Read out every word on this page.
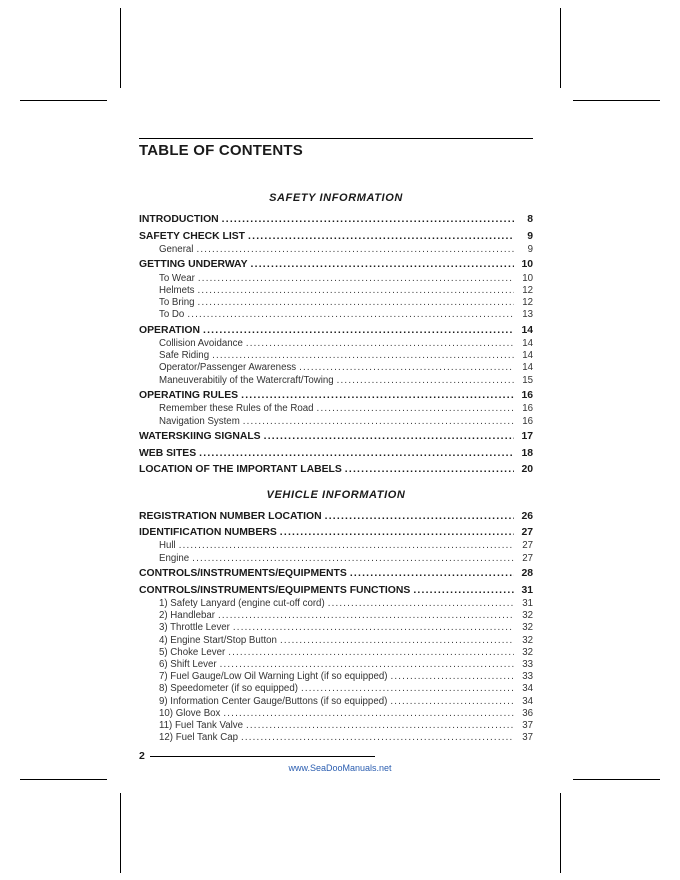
TABLE OF CONTENTS
SAFETY INFORMATION
INTRODUCTION .....	8
SAFETY CHECK LIST .....	9
General .....	9
GETTING UNDERWAY .....	10
To Wear .....	10
Helmets .....	12
To Bring .....	12
To Do .....	13
OPERATION .....	14
Collision Avoidance .....	14
Safe Riding .....	14
Operator/Passenger Awareness .....	14
Maneuverabitily of the Watercraft/Towing .....	15
OPERATING RULES .....	16
Remember these Rules of the Road .....	16
Navigation System .....	16
WATERSKIING SIGNALS .....	17
WEB SITES .....	18
LOCATION OF THE IMPORTANT LABELS .....	20
VEHICLE INFORMATION
REGISTRATION NUMBER LOCATION .....	26
IDENTIFICATION NUMBERS .....	27
Hull .....	27
Engine .....	27
CONTROLS/INSTRUMENTS/EQUIPMENTS .....	28
CONTROLS/INSTRUMENTS/EQUIPMENTS FUNCTIONS .....	31
1) Safety Lanyard (engine cut-off cord) .....	31
2) Handlebar .....	32
3) Throttle Lever .....	32
4) Engine Start/Stop Button .....	32
5) Choke Lever .....	32
6) Shift Lever .....	33
7) Fuel Gauge/Low Oil Warning Light (if so equipped) .....	33
8) Speedometer (if so equipped) .....	34
9) Information Center Gauge/Buttons (if so equipped) .....	34
10) Glove Box .....	36
11) Fuel Tank Valve .....	37
12) Fuel Tank Cap .....	37
2
www.SeaDooManuals.net
